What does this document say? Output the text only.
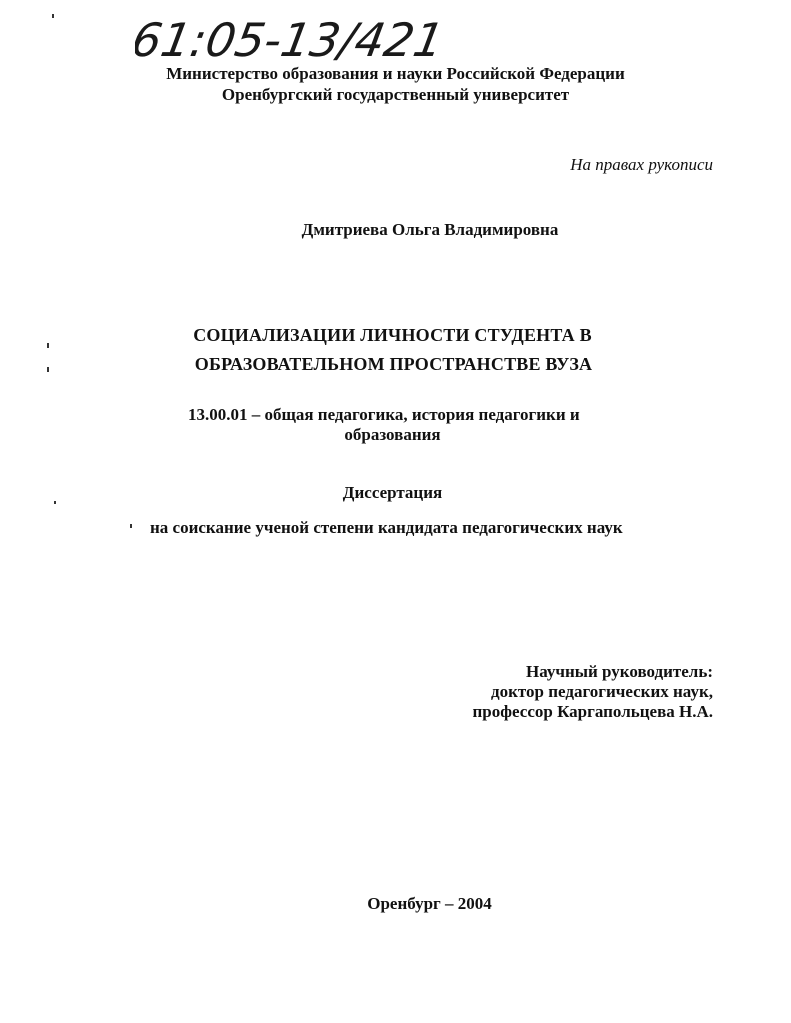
61:05-13/421
Министерство образования и науки Российской Федерации
Оренбургский государственный университет
На правах рукописи
Дмитриева Ольга Владимировна
СОЦИАЛИЗАЦИИ ЛИЧНОСТИ СТУДЕНТА В
ОБРАЗОВАТЕЛЬНОМ ПРОСТРАНСТВЕ ВУЗА
13.00.01 – общая педагогика, история педагогики и
образования
Диссертация
на соискание ученой степени кандидата педагогических наук
Научный руководитель:
доктор педагогических наук,
профессор Каргапольцева Н.А.
Оренбург – 2004
